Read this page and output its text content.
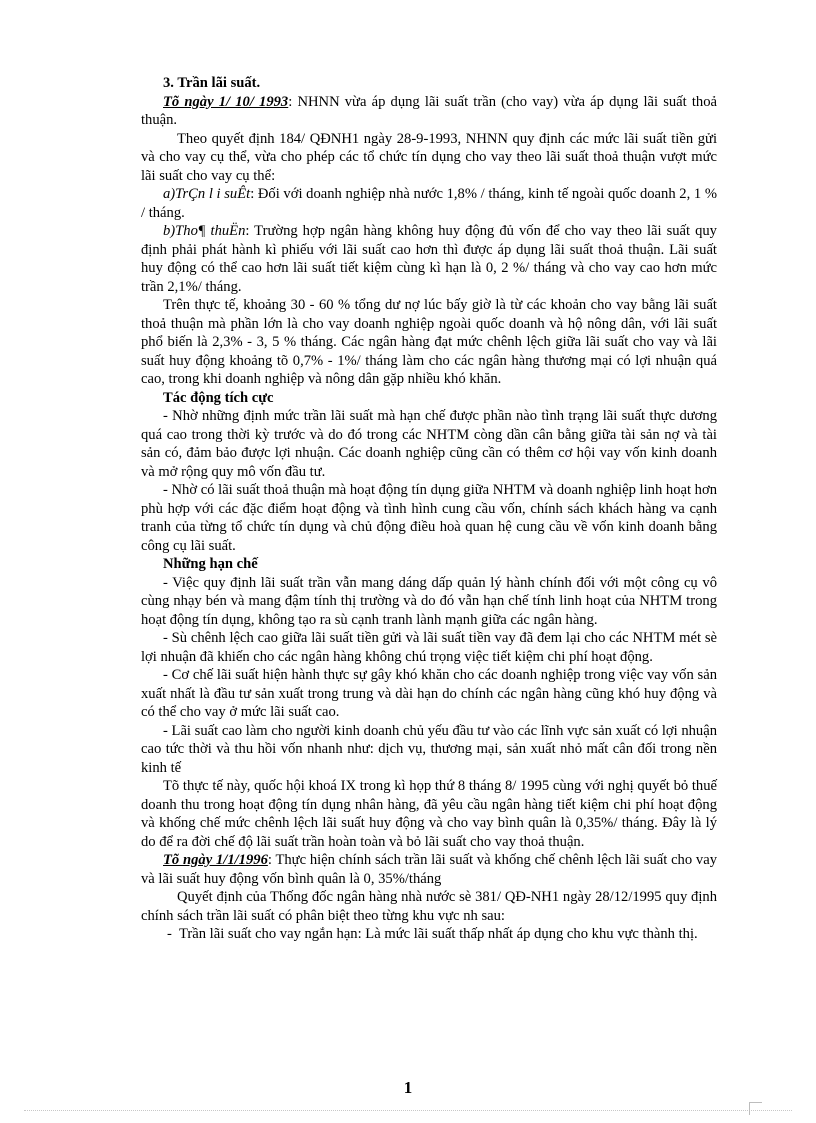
3. Trần lãi suất.

Tõ ngày 1/ 10/ 1993: NHNN vừa áp dụng lãi suất trần (cho vay) vừa áp dụng lãi suất thoả thuận.

Theo quyết định 184/ QĐNH1 ngày 28-9-1993, NHNN quy định các mức lãi suất tiền gửi và cho vay cụ thể, vừa cho phép các tổ chức tín dụng cho vay theo lãi suất thoả thuận vượt mức lãi suất cho vay cụ thể:

a)TrÇn l i suÊt: Đối với doanh nghiệp nhà nước 1,8% / tháng, kinh tế ngoài quốc doanh 2, 1 % / tháng.

b)Tho¶ thuËn: Trường hợp ngân hàng không huy động đủ vốn để cho vay theo lãi suất quy định phải phát hành kì phiếu với lãi suất cao hơn thì được áp dụng lãi suất thoả thuận. Lãi suất huy động có thể cao hơn lãi suất tiết kiệm cùng kì hạn là 0, 2 %/ tháng và cho vay cao hơn mức trần 2,1%/ tháng.

Trên thực tế, khoảng 30 - 60 % tổng dư nợ lúc bấy giờ là từ các khoản cho vay bằng lãi suất thoả thuận mà phần lớn là cho vay doanh nghiệp ngoài quốc doanh và hộ nông dân, với lãi suất phổ biến là 2,3% - 3, 5 % tháng. Các ngân hàng đạt mức chênh lệch giữa lãi suất cho vay và lãi suất huy động khoảng tõ 0,7% - 1%/ tháng làm cho các ngân hàng thương mại có lợi nhuận quá cao, trong khi doanh nghiệp và nông dân gặp nhiều khó khăn.

Tác động tích cực

- Nhờ những định mức trần lãi suất mà hạn chế được phần nào tình trạng lãi suất thực dương quá cao trong thời kỳ trước và do đó trong các NHTM còng dần cân bằng giữa tài sản nợ và tài sản có, đảm bảo được lợi nhuận. Các doanh nghiệp cũng cần có thêm cơ hội vay vốn kinh doanh và mở rộng quy mô vốn đầu tư.

- Nhờ có lãi suất thoả thuận mà hoạt động tín dụng giữa NHTM và doanh nghiệp linh hoạt hơn phù hợp với các đặc điểm hoạt động và tình hình cung cầu vốn, chính sách khách hàng va cạnh tranh của từng tổ chức tín dụng và chủ động điều hoà quan hệ cung cầu về vốn kinh doanh bằng công cụ lãi suất.

Những hạn chế

- Việc quy định lãi suất trần vẫn mang dáng dấp quản lý hành chính đối với một công cụ vô cùng nhạy bén và mang đậm tính thị trường và do đó vẫn hạn chế tính linh hoạt của NHTM trong hoạt động tín dụng, không tạo ra sù cạnh tranh lành mạnh giữa các ngân hàng.

- Sù chênh lệch cao giữa lãi suất tiền gửi và lãi suất tiền vay đã đem lại cho các NHTM mét sè lợi nhuận đã khiến cho các ngân hàng không chú trọng việc tiết kiệm chi phí hoạt động.

- Cơ chế lãi suất hiện hành thực sự gây khó khăn cho các doanh nghiệp trong việc vay vốn sản xuất nhất là đầu tư sản xuất trong trung và dài hạn do chính các ngân hàng cũng khó huy động và có thể cho vay ở mức lãi suất cao.

- Lãi suất cao làm cho người kinh doanh chủ yếu đầu tư vào các lĩnh vực sản xuất có lợi nhuận cao tức thời và thu hồi vốn nhanh như: dịch vụ, thương mại, sản xuất nhỏ mất cân đối trong nền kinh tế

Tõ thực tế này, quốc hội khoá IX trong kì họp thứ 8 tháng 8/ 1995 cùng với nghị quyết bỏ thuế doanh thu trong hoạt động tín dụng nhân hàng, đã yêu cầu ngân hàng tiết kiệm chi phí hoạt động và khống chế mức chênh lệch lãi suất huy động và cho vay bình quân là 0,35%/ tháng. Đây là lý do để ra đời chế độ lãi suất trần hoàn toàn và bỏ lãi suất cho vay thoả thuận.

Tõ ngày 1/1/1996: Thực hiện chính sách trần lãi suất và khống chế chênh lệch lãi suất cho vay và lãi suất huy động vốn bình quân là 0, 35%/tháng

Quyết định của Thống đốc ngân hàng nhà nước sè 381/ QĐ-NH1 ngày 28/12/1995 quy định chính sách trần lãi suất có phân biệt theo từng khu vực nh sau:

- Trần lãi suất cho vay ngắn hạn: Là mức lãi suất thấp nhất áp dụng cho khu vực thành thị.

1
